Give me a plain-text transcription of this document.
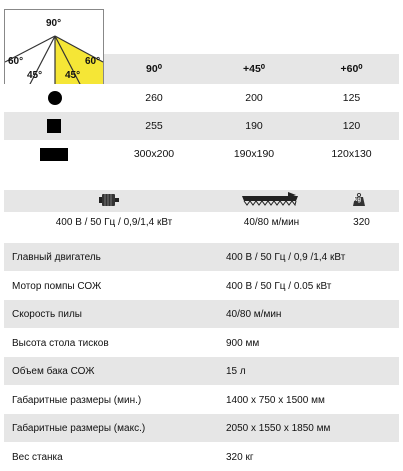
90°
60°
45° 45°
60°
90⁰	+45⁰	+60⁰
260	200	125
255	190	120
300x200	190x190	120x130
kg
400 В / 50 Гц / 0,9/1,4 кВт	40/80 м/мин	320
Главный двигатель	400 В / 50 Гц / 0,9 /1,4 кВт
Мотор помпы СОЖ	400 В / 50 Гц / 0.05 кВт
Скорость пилы	40/80 м/мин
Высота стола тисков	900 мм
Объем бака СОЖ	15 л
Габаритные размеры (мин.)	1400 х 750 х 1500 мм
Габаритные размеры (макс.)	2050 х 1550 х 1850 мм
Вес станка	320 кг
